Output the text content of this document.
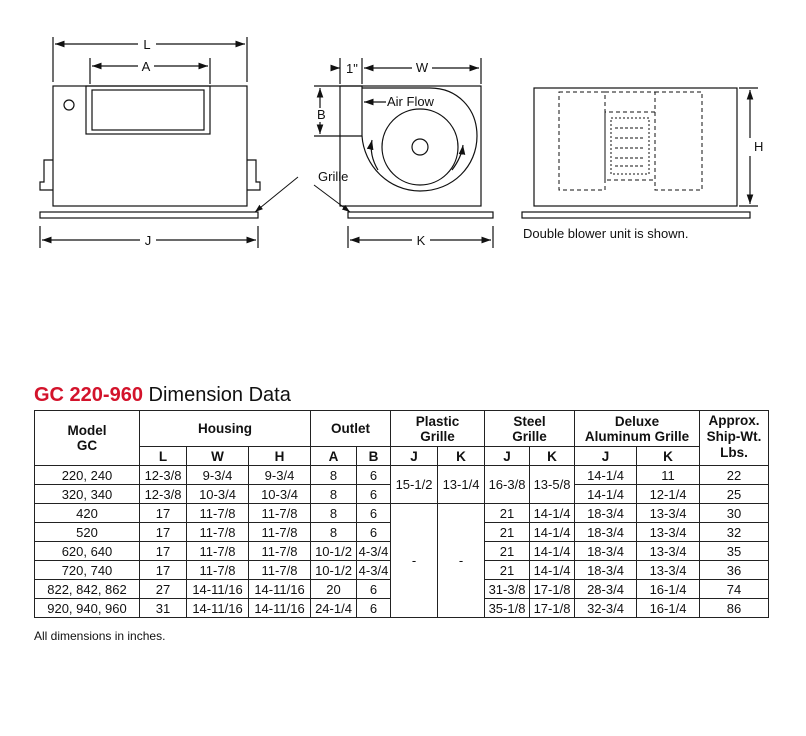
L
A
J
Grille
Air Flow
1"	W
B
K
H
Double blower unit is shown.
GC 220-960 Dimension Data
Model
GC	Housing			Outlet		Plastic
Grille		Steel
Grille		Deluxe
Aluminum Grille		Approx.
Ship-Wt.
Lbs.
	L	W	H	A	B	J	K	J	K	J	K	
220, 240	12-3/8	9-3/4	9-3/4	8	6	15-1/2	13-1/4	16-3/8	13-5/8	14-1/4	11	22
320, 340	12-3/8	10-3/4	10-3/4	8	6					14-1/4	12-1/4	25
420	17	11-7/8	11-7/8	8	6	-	-	21	14-1/4	18-3/4	13-3/4	30
520	17	11-7/8	11-7/8	8	6			21	14-1/4	18-3/4	13-3/4	32
620, 640	17	11-7/8	11-7/8	10-1/2	4-3/4			21	14-1/4	18-3/4	13-3/4	35
720, 740	17	11-7/8	11-7/8	10-1/2	4-3/4			21	14-1/4	18-3/4	13-3/4	36
822, 842, 862	27	14-11/16	14-11/16	20	6			31-3/8	17-1/8	28-3/4	16-1/4	74
920, 940, 960	31	14-11/16	14-11/16	24-1/4	6			35-1/8	17-1/8	32-3/4	16-1/4	86
All dimensions in inches.
